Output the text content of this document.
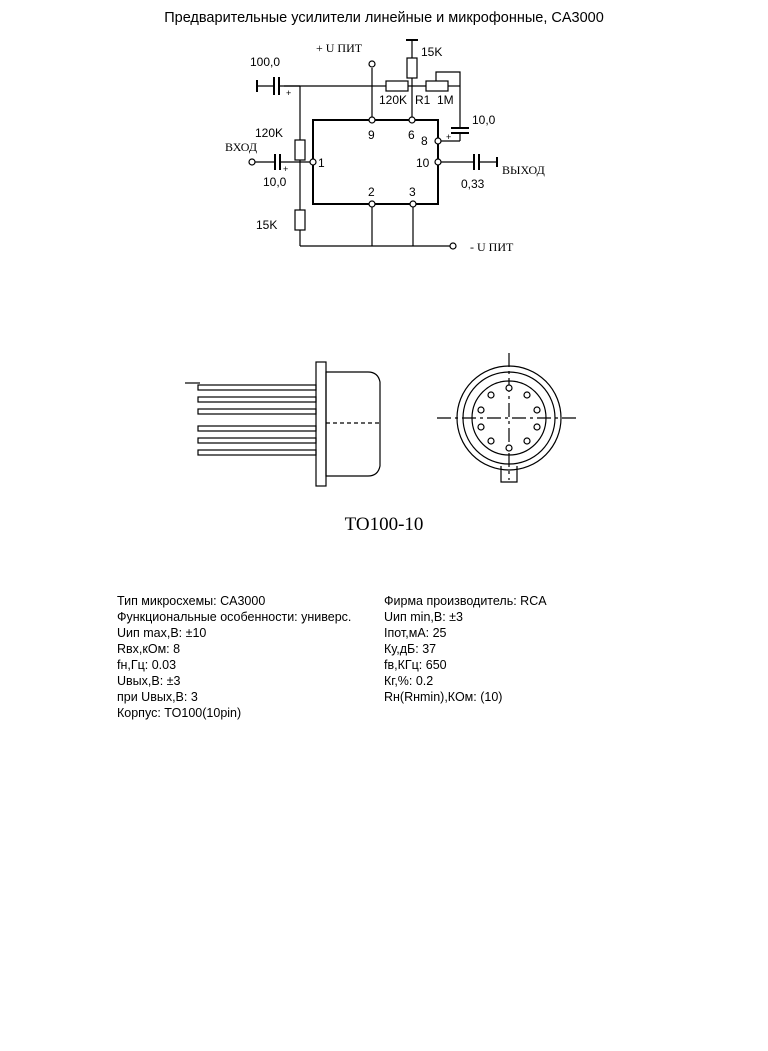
Предварительные усилители линейные и микрофонные, CA3000
+ U ПИТ
- U ПИТ
ВХОД
ВЫХОД
100,0
10,0
10,0
0,33
120K
15K
15K
120K R1 1M
9	6 8
10
1
2	3
+
+
+
TO100-10
Тип микросхемы: CA3000
Функциональные особенности: универс.
Uип max,В: ±10
Rвх,кОм: 8
fн,Гц: 0.03
Uвых,В: ±3
при Uвых,В: 3
Корпус: TO100(10pin)
Фирма производитель: RCA
Uип min,В: ±3
Iпот,мА: 25
Ку,дБ: 37
fв,КГц: 650
Кг,%: 0.2
Rн(Rнmin),КОм: (10)
